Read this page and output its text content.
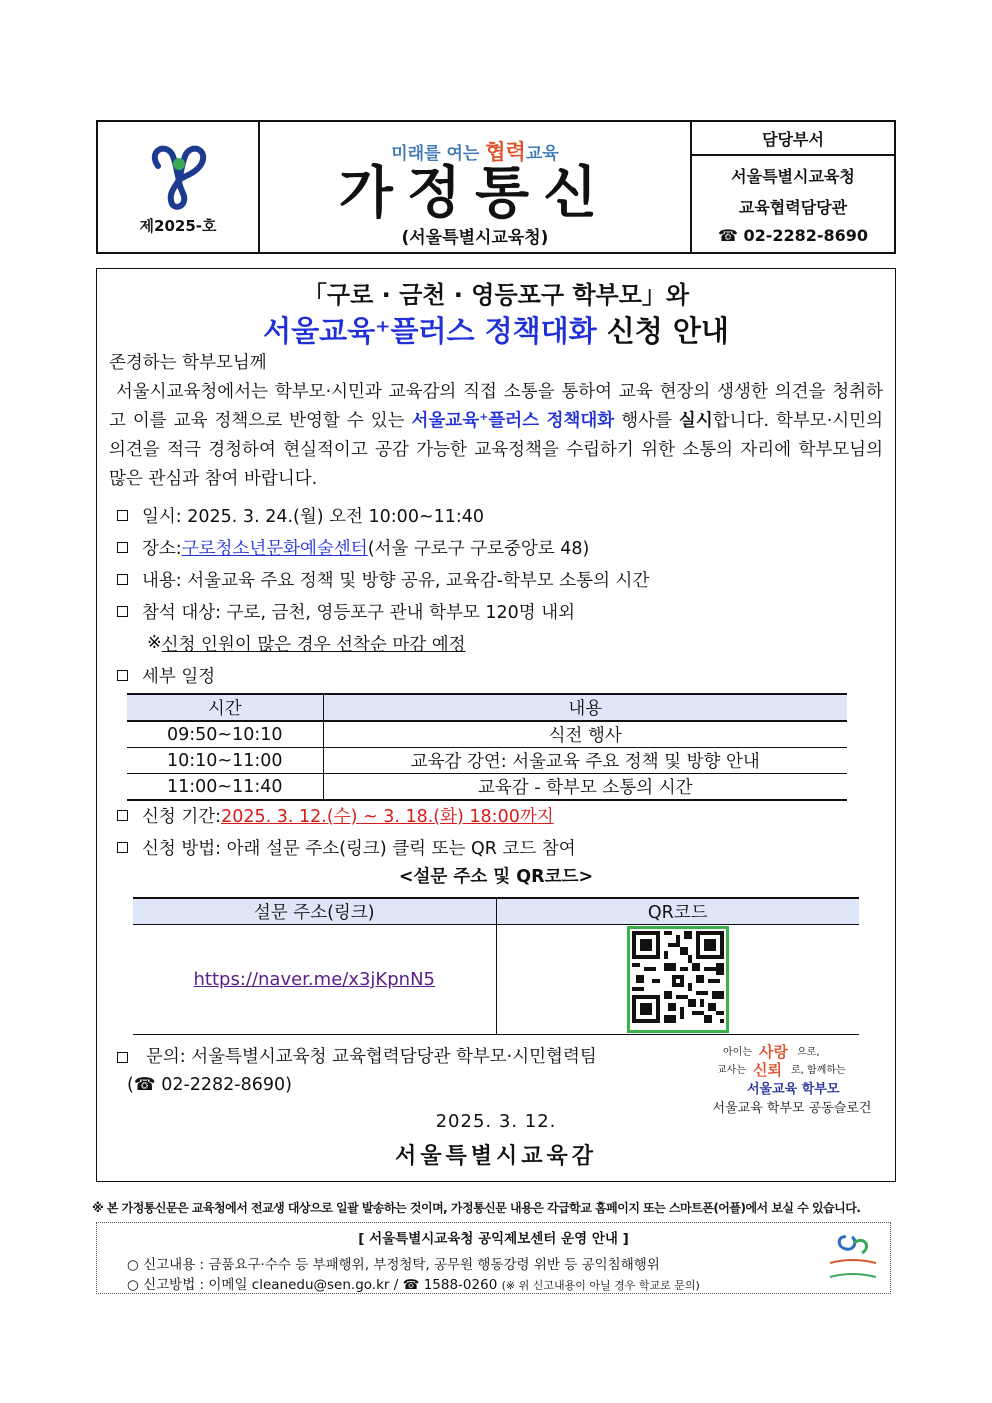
제2025-호
미래를 여는 협력교육
가정통신
(서울특별시교육청)
담당부서
서울특별시교육청
교육협력담당관
☎ 02-2282-8690
「구로 · 금천 · 영등포구 학부모」와
서울교육⁺플러스 정책대화 신청 안내
존경하는 학부모님께
서울시교육청에서는 학부모·시민과 교육감의 직접 소통을 통하여 교육 현장의 생생한 의견을 청취하고 이를 교육 정책으로 반영할 수 있는 서울교육⁺플러스 정책대화 행사를 실시합니다. 학부모·시민의 의견을 적극 경청하여 현실적이고 공감 가능한 교육정책을 수립하기 위한 소통의 자리에 학부모님의 많은 관심과 참여 바랍니다.
일시: 2025. 3. 24.(월) 오전 10:00~11:40
장소: 구로청소년문화예술센터 (서울 구로구 구로중앙로 48)
내용: 서울교육 주요 정책 및 방향 공유, 교육감-학부모 소통의 시간
참석 대상: 구로, 금천, 영등포구 관내 학부모 120명 내외
※ 신청 인원이 많은 경우 선착순 마감 예정
세부 일정
시간	내용
09:50~10:10	식전 행사
10:10~11:00	교육감 강연: 서울교육 주요 정책 및 방향 안내
11:00~11:40	교육감 - 학부모 소통의 시간
신청 기간: 2025. 3. 12.(수) ~ 3. 18.(화) 18:00까지
신청 방법: 아래 설문 주소(링크) 클릭 또는 QR 코드 참여
<설문 주소 및 QR코드>
설문 주소(링크)	QR코드
https://naver.me/x3jKpnN5	
문의: 서울특별시교육청 교육협력담당관 학부모·시민협력팀
(☎ 02-2282-8690)
아이는 사랑 으로,
교사는 신뢰 로, 함께하는
서울교육 학부모
서울교육 학부모 공동슬로건
2025. 3. 12.
서울특별시교육감
※ 본 가정통신문은 교육청에서 전교생 대상으로 일괄 발송하는 것이며, 가정통신문 내용은 각급학교 홈페이지 또는 스마트폰(어플)에서 보실 수 있습니다.
[ 서울특별시교육청 공익제보센터 운영 안내 ]
○ 신고내용 : 금품요구·수수 등 부패행위, 부정청탁, 공무원 행동강령 위반 등 공익침해행위
○ 신고방법 : 이메일 cleanedu@sen.go.kr / ☎ 1588-0260 (※ 위 신고내용이 아닐 경우 학교로 문의)
